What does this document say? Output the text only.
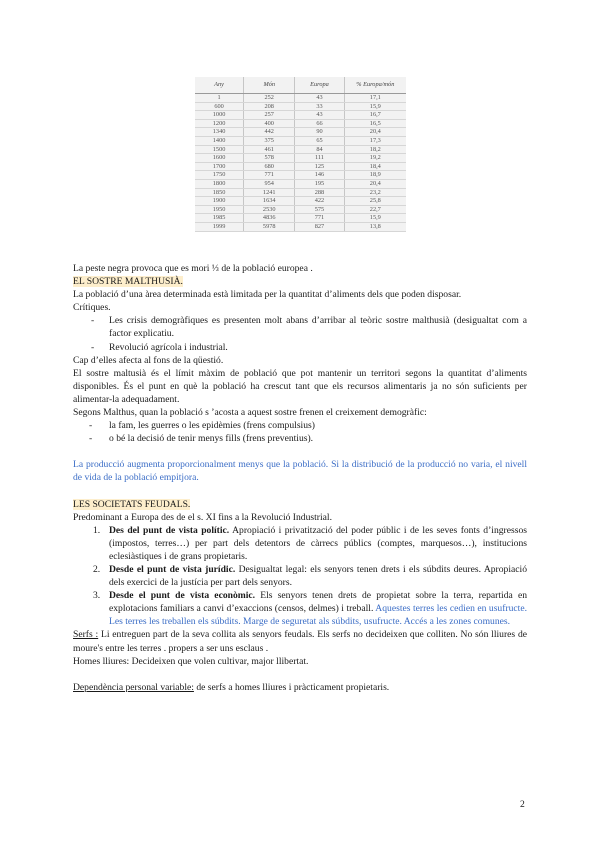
Any	Món	Europa	% Europa/món
1	252	43	17,1
600	208	33	15,9
1000	257	43	16,7
1200	400	66	16,5
1340	442	90	20,4
1400	375	65	17,3
1500	461	84	18,2
1600	578	111	19,2
1700	680	125	18,4
1750	771	146	18,9
1800	954	195	20,4
1850	1241	288	23,2
1900	1634	422	25,8
1950	2530	575	22,7
1985	4836	771	15,9
1999	5978	827	13,8

La peste negra provoca que es mori ⅓ de la població europea .

EL SOSTRE MALTHUSIÀ.

La població d’una àrea determinada està limitada per la quantitat d’aliments dels que poden disposar.

Crítiques.

- Les crisis demogràfiques es presenten molt abans d’arribar al teòric sostre malthusià (desigualtat com a factor explicatiu.
- Revolució agrícola i industrial.

Cap d’elles afecta al fons de la qüestió.

El sostre maltusià és el límit màxim de població que pot mantenir un territori segons la quantitat d’aliments disponibles. És el punt en què la població ha crescut tant que els recursos alimentaris ja no són suficients per alimentar-la adequadament.

Segons Malthus, quan la població s ’acosta a aquest sostre frenen el creixement demogràfic:

- la fam, les guerres o les epidèmies (frens compulsius)
- o bé la decisió de tenir menys fills (frens preventius).

La producció augmenta proporcionalment menys que la població. Si la distribució de la producció no varia, el nivell de vida de la població empitjora.

LES SOCIETATS FEUDALS.

Predominant a Europa des de el s. XI fins a la Revolució Industrial.

1. Des del punt de vista polític. Apropiació i privatització del poder públic i de les seves fonts d’ingressos (impostos, terres…) per part dels detentors de càrrecs públics (comptes, marquesos…), institucions eclesiàstiques i de grans propietaris.
2. Desde el punt de vista jurídic. Desigualtat legal: els senyors tenen drets i els súbdits deures. Apropiació dels exercici de la justícia per part dels senyors.
3. Desde el punt de vista econòmic. Els senyors tenen drets de propietat sobre la terra, repartida en explotacions familiars a canvi d’exaccions (censos, delmes) i treball. Aquestes terres les cedien en usufructe. Les terres les treballen els súbdits. Marge de seguretat als súbdits, usufructe. Accés a les zones comunes.

Serfs : Li entreguen part de la seva collita als senyors feudals. Els serfs no decideixen que colliten. No són lliures de moure's entre les terres . propers a ser uns esclaus .

Homes lliures: Decideixen que volen cultivar, major llibertat.

Dependència personal variable: de serfs a homes lliures i pràcticament propietaris.

2
